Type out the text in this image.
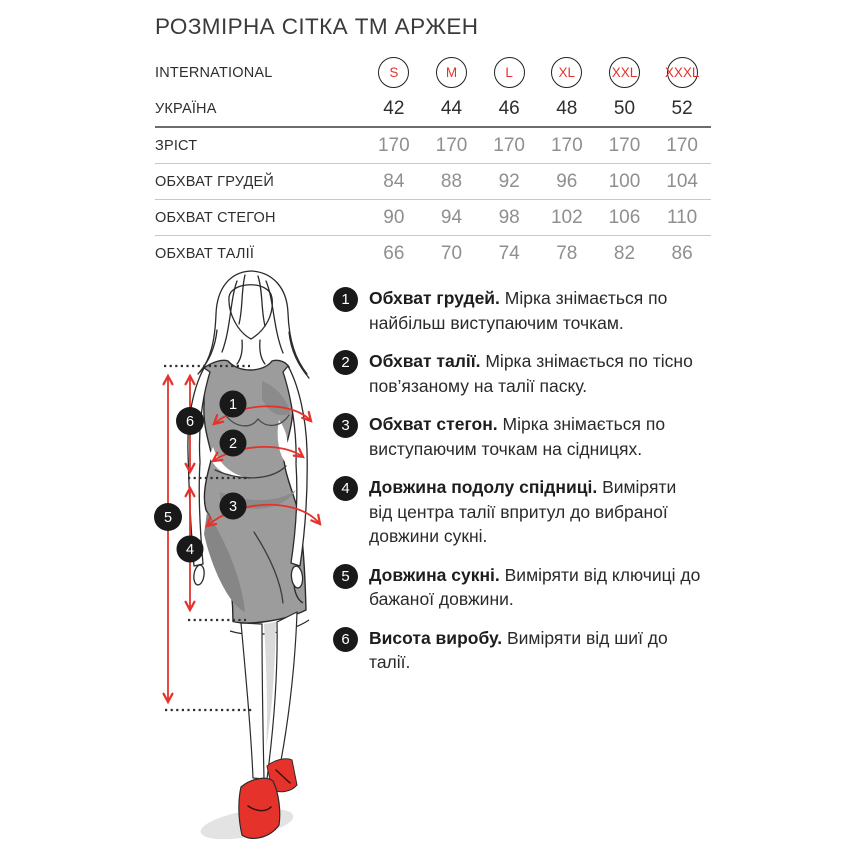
РОЗМІРНА СІТКА ТМ АРЖЕН
INTERNATIONAL	S	M	L	XL	XXL XXXL
УКРАЇНА	42 44 46 48 50 52
ЗРІСТ	170 170 170 170 170 170
ОБХВАТ ГРУДЕЙ	84 88 92 96 100 104
ОБХВАТ СТЕГОН	90 94 98 102 106 110
ОБХВАТ ТАЛІЇ	66 70 74 78 82 86
1
2
3
4
5
6
1	Обхват грудей. Мірка знімається по найбільш виступаючим точкам.
2	Обхват талії. Мірка знімається по тісно пов’язаному на талії паску.
3	Обхват стегон. Мірка знімається по виступаючим точкам на сідницях.
4	Довжина подолу спідниці. Виміряти від центра талії впритул до вибраної довжини сукні.
5	Довжина сукні. Виміряти від ключиці до бажаної довжини.
6	Висота виробу. Виміряти від шиї до талії.
